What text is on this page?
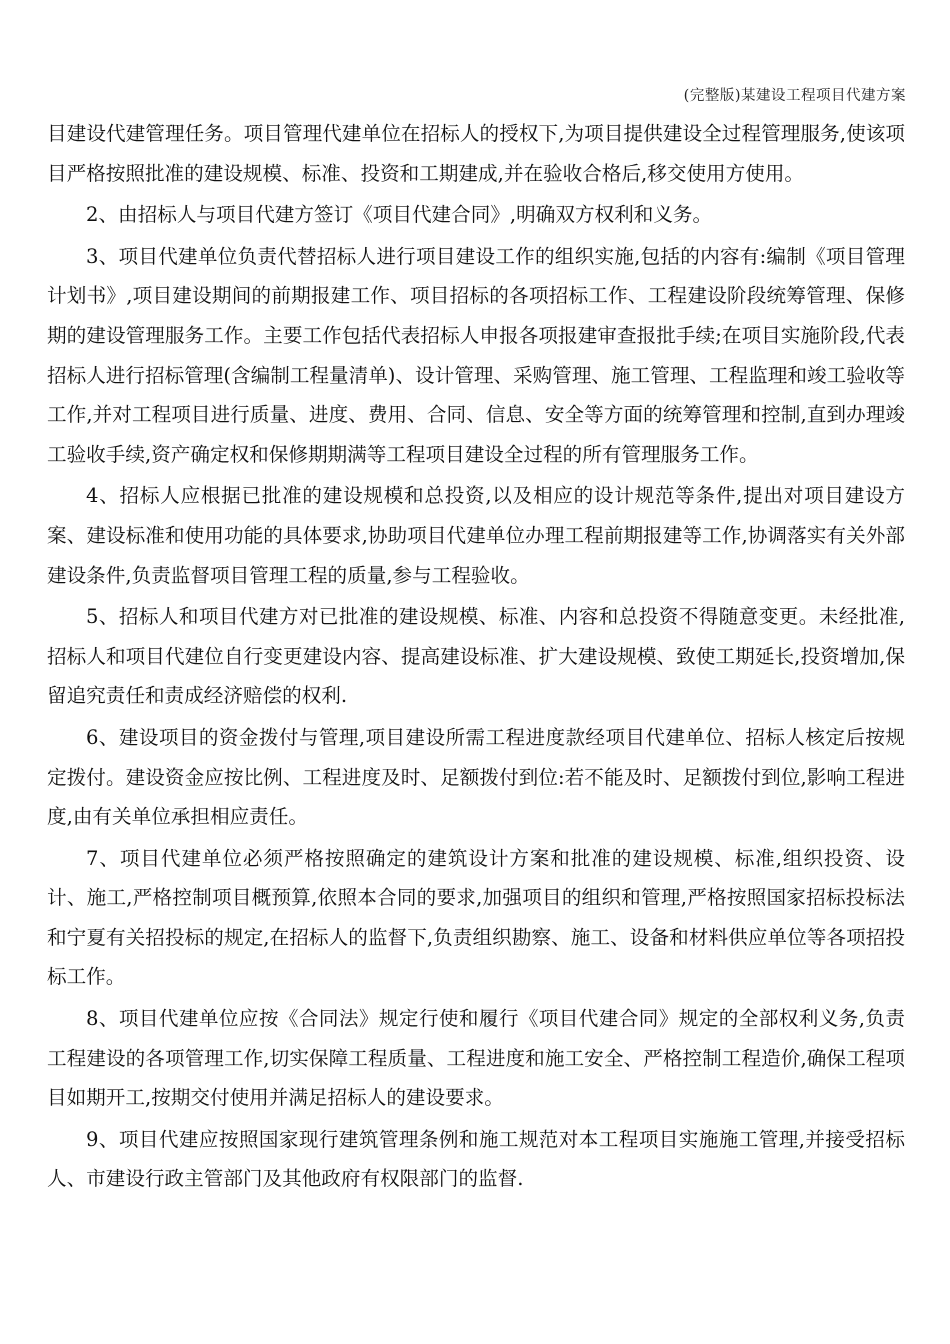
(完整版)某建设工程项目代建方案

目建设代建管理任务。项目管理代建单位在招标人的授权下,为项目提供建设全过程管理服务,使该项目严格按照批准的建设规模、标准、投资和工期建成,并在验收合格后,移交使用方使用。

2、由招标人与项目代建方签订《项目代建合同》,明确双方权利和义务。

3、项目代建单位负责代替招标人进行项目建设工作的组织实施,包括的内容有:编制《项目管理计划书》,项目建设期间的前期报建工作、项目招标的各项招标工作、工程建设阶段统筹管理、保修期的建设管理服务工作。主要工作包括代表招标人申报各项报建审查报批手续;在项目实施阶段,代表招标人进行招标管理(含编制工程量清单)、设计管理、采购管理、施工管理、工程监理和竣工验收等工作,并对工程项目进行质量、进度、费用、合同、信息、安全等方面的统筹管理和控制,直到办理竣工验收手续,资产确定权和保修期期满等工程项目建设全过程的所有管理服务工作。

4、招标人应根据已批准的建设规模和总投资,以及相应的设计规范等条件,提出对项目建设方案、建设标准和使用功能的具体要求,协助项目代建单位办理工程前期报建等工作,协调落实有关外部建设条件,负责监督项目管理工程的质量,参与工程验收。

5、招标人和项目代建方对已批准的建设规模、标准、内容和总投资不得随意变更。未经批准,招标人和项目代建位自行变更建设内容、提高建设标准、扩大建设规模、致使工期延长,投资增加,保留追究责任和责成经济赔偿的权利.

6、建设项目的资金拨付与管理,项目建设所需工程进度款经项目代建单位、招标人核定后按规定拨付。建设资金应按比例、工程进度及时、足额拨付到位:若不能及时、足额拨付到位,影响工程进度,由有关单位承担相应责任。

7、项目代建单位必须严格按照确定的建筑设计方案和批准的建设规模、标准,组织投资、设计、施工,严格控制项目概预算,依照本合同的要求,加强项目的组织和管理,严格按照国家招标投标法和宁夏有关招投标的规定,在招标人的监督下,负责组织勘察、施工、设备和材料供应单位等各项招投标工作。

8、项目代建单位应按《合同法》规定行使和履行《项目代建合同》规定的全部权利义务,负责工程建设的各项管理工作,切实保障工程质量、工程进度和施工安全、严格控制工程造价,确保工程项目如期开工,按期交付使用并满足招标人的建设要求。

9、项目代建应按照国家现行建筑管理条例和施工规范对本工程项目实施施工管理,并接受招标人、市建设行政主管部门及其他政府有权限部门的监督.
